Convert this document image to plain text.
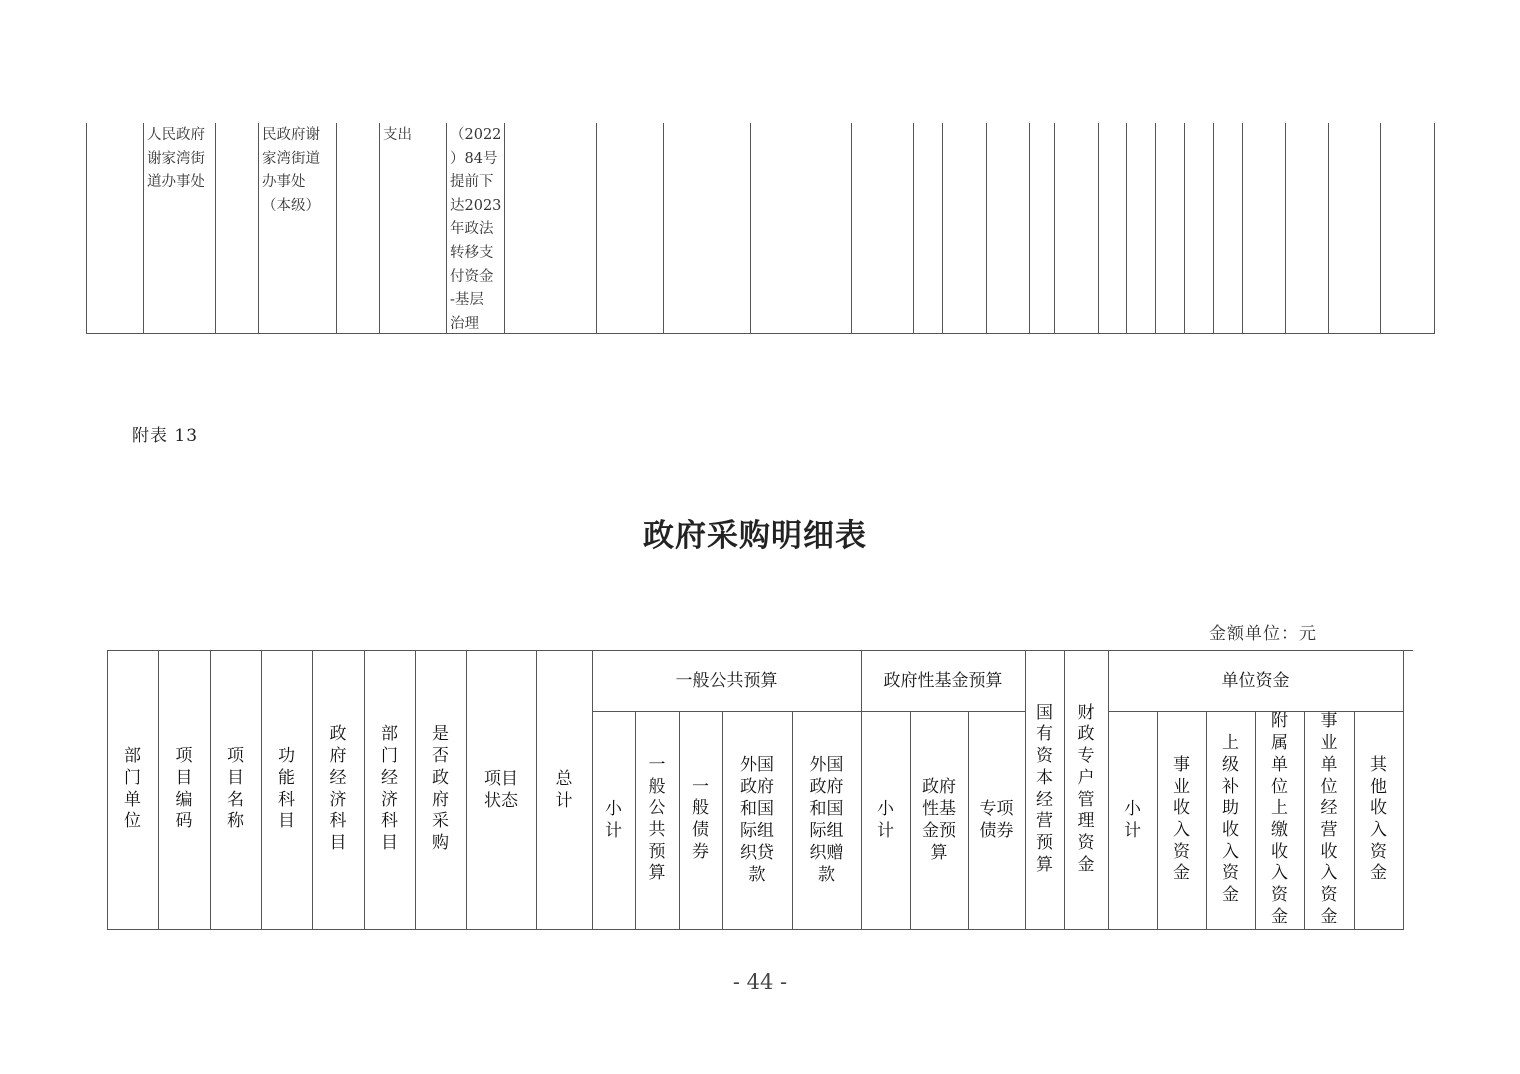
人民政府
谢家湾街
道办事处
民政府谢
家湾街道
办事处
（本级）
支出	（2022
）84号
提前下
达2023
年政法
转移支
付资金
-基层
治理
附表 13
政府采购明细表
金额单位：元
部门单位
项目编码
项目名称
功能科目
政府经济科目
部门经济科目
是否政府采购
项目
状态
总
计
一般公共预算	政府性基金预算
国有资本经营预算
财政专户管理资金
单位资金
小
计
一般公共预算
一般债券
外国
政府
和国
际组
织贷
款
外国
政府
和国
际组
织赠
款
小
计
政府
性基
金预
算
专项
债券
小
计
事业收入资金
上级补助收入资金
附属单位上缴收入资金
事业单位经营收入资金
其他收入资金
- 44 -
